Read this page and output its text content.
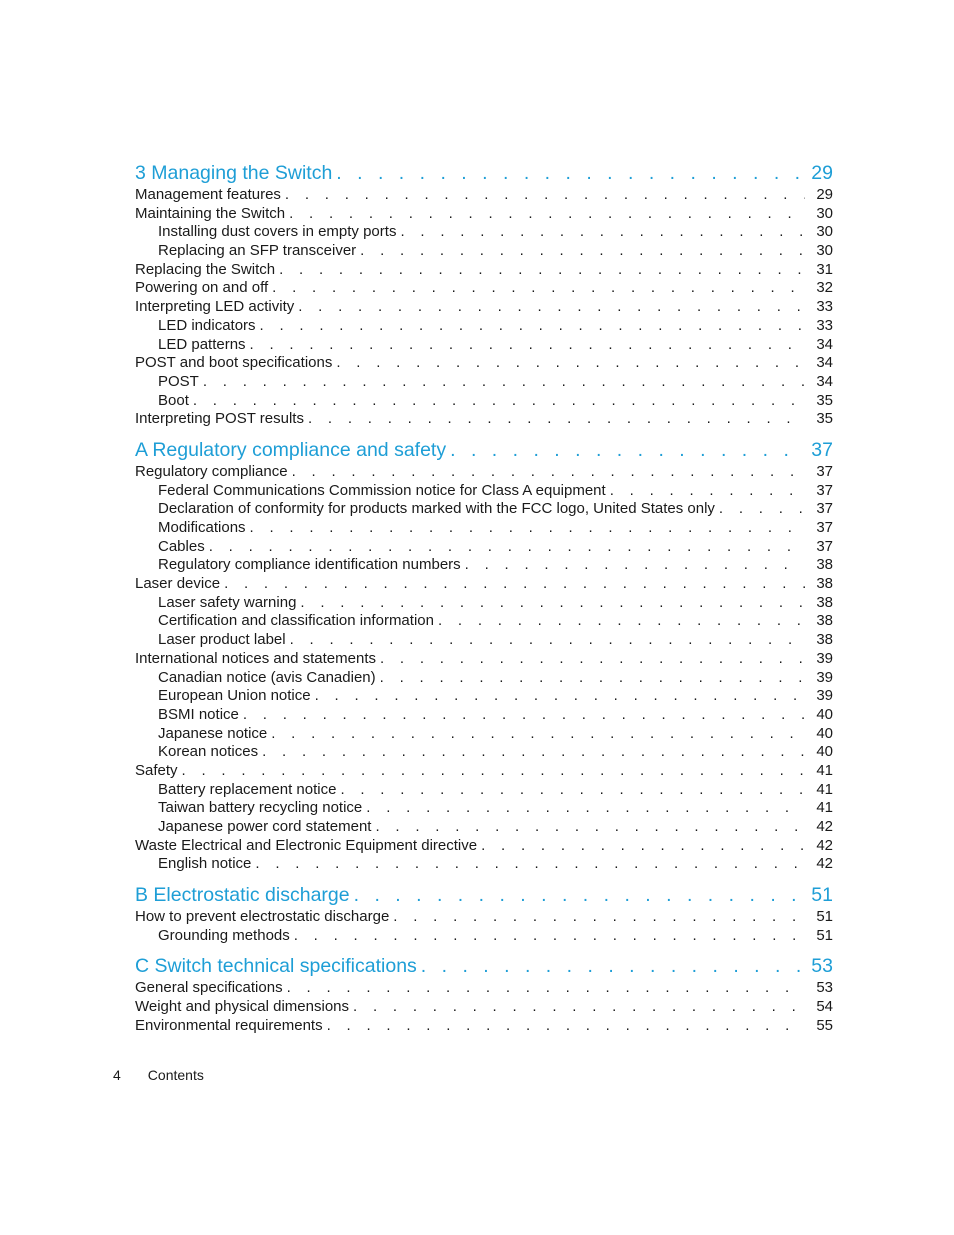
3 Managing the Switch . . .	29
Management features . . .	29
Maintaining the Switch . . .	30
Installing dust covers in empty ports . . .	30
Replacing an SFP transceiver . . .	30
Replacing the Switch . . .	31
Powering on and off . . .	32
Interpreting LED activity . . .	33
LED indicators . . .	33
LED patterns . . .	34
POST and boot specifications . . .	34
POST . . .	34
Boot . . .	35
Interpreting POST results . . .	35
A Regulatory compliance and safety . . .	37
Regulatory compliance . . .	37
Federal Communications Commission notice for Class A equipment . . .	37
Declaration of conformity for products marked with the FCC logo, United States only . . .	37
Modifications . . .	37
Cables . . .	37
Regulatory compliance identification numbers . . .	38
Laser device . . .	38
Laser safety warning . . .	38
Certification and classification information . . .	38
Laser product label . . .	38
International notices and statements . . .	39
Canadian notice (avis Canadien) . . .	39
European Union notice . . .	39
BSMI notice . . .	40
Japanese notice . . .	40
Korean notices . . .	40
Safety . . .	41
Battery replacement notice . . .	41
Taiwan battery recycling notice . . .	41
Japanese power cord statement . . .	42
Waste Electrical and Electronic Equipment directive . . .	42
English notice . . .	42
B Electrostatic discharge . . .	51
How to prevent electrostatic discharge . . .	51
Grounding methods . . .	51
C Switch technical specifications . . .	53
General specifications . . .	53
Weight and physical dimensions . . .	54
Environmental requirements . . .	55
4 Contents
